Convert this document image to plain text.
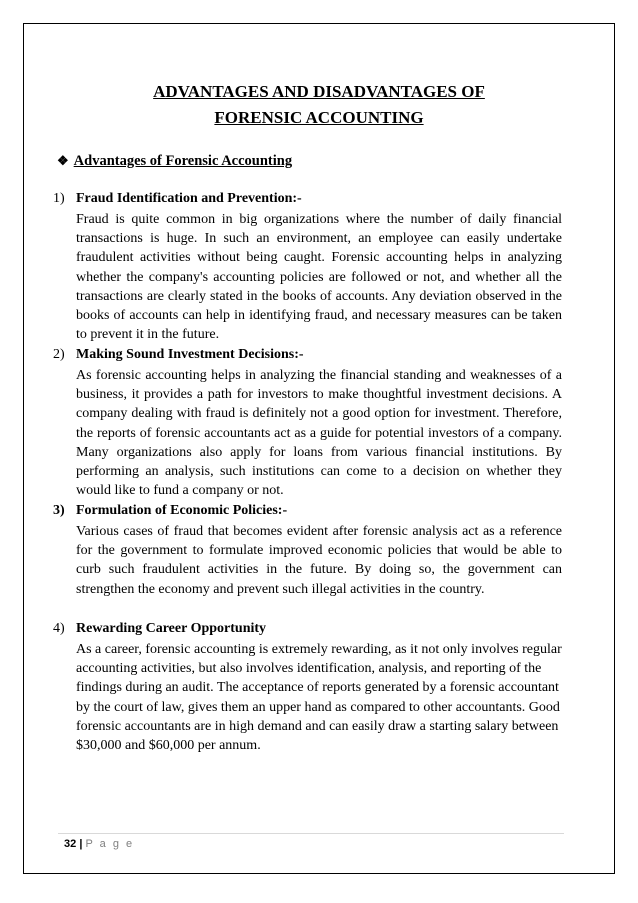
ADVANTAGES AND DISADVANTAGES OF
FORENSIC ACCOUNTING
❖ Advantages of Forensic Accounting
1) Fraud Identification and Prevention:-
Fraud is quite common in big organizations where the number of daily financial transactions is huge. In such an environment, an employee can easily undertake fraudulent activities without being caught. Forensic accounting helps in analyzing whether the company's accounting policies are followed or not, and whether all the transactions are clearly stated in the books of accounts. Any deviation observed in the books of accounts can help in identifying fraud, and necessary measures can be taken to prevent it in the future.
2) Making Sound Investment Decisions:-
As forensic accounting helps in analyzing the financial standing and weaknesses of a business, it provides a path for investors to make thoughtful investment decisions. A company dealing with fraud is definitely not a good option for investment. Therefore, the reports of forensic accountants act as a guide for potential investors of a company. Many organizations also apply for loans from various financial institutions. By performing an analysis, such institutions can come to a decision on whether they would like to fund a company or not.
3) Formulation of Economic Policies:-
Various cases of fraud that becomes evident after forensic analysis act as a reference for the government to formulate improved economic policies that would be able to curb such fraudulent activities in the future. By doing so, the government can strengthen the economy and prevent such illegal activities in the country.
4) Rewarding Career Opportunity
As a career, forensic accounting is extremely rewarding, as it not only involves regular accounting activities, but also involves identification, analysis, and reporting of the findings during an audit. The acceptance of reports generated by a forensic accountant by the court of law, gives them an upper hand as compared to other accountants. Good forensic accountants are in high demand and can easily draw a starting salary between $30,000 and $60,000 per annum.
32 | P a g e
